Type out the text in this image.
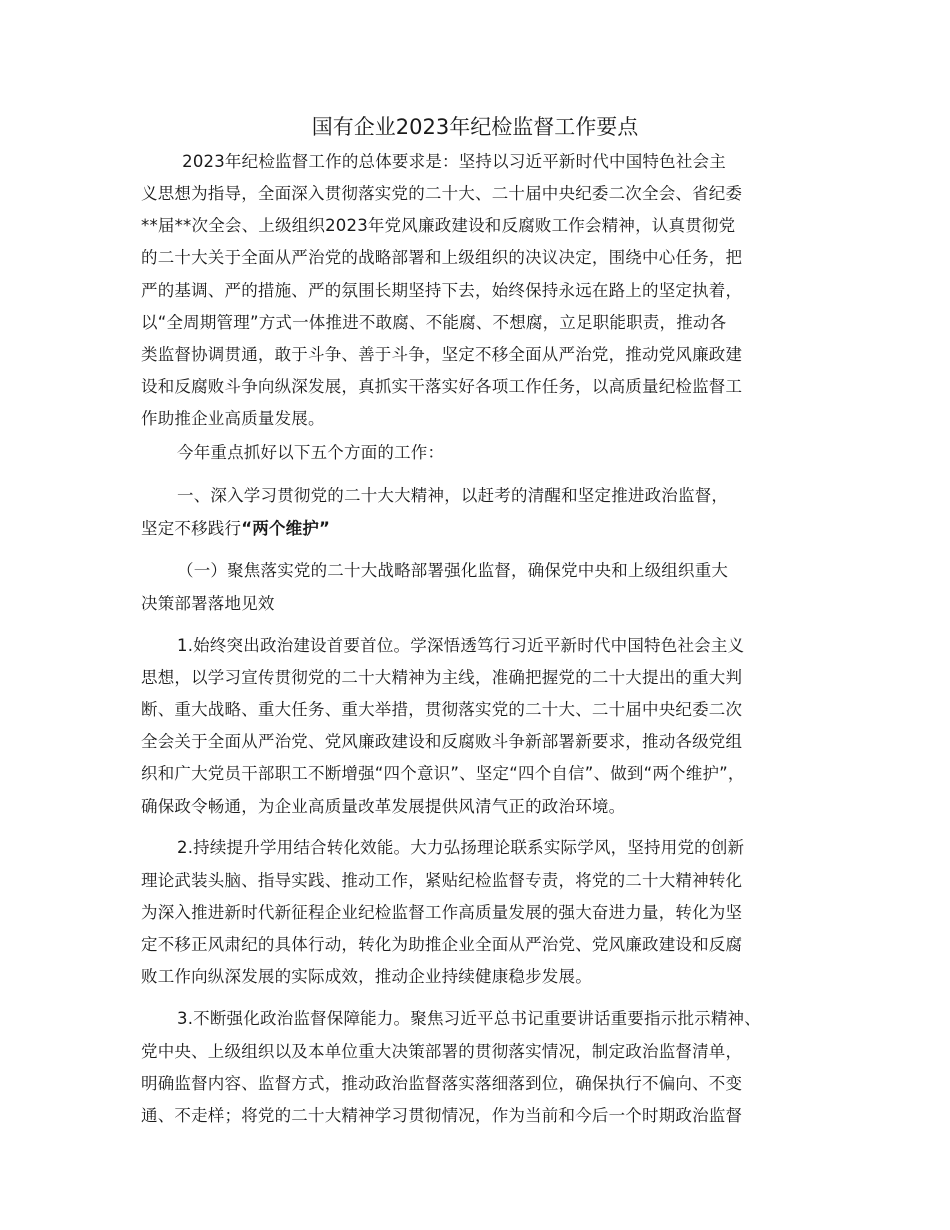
国有企业2023年纪检监督工作要点
　 2023年纪检监督工作的总体要求是：坚持以习近平新时代中国特色社会主
义思想为指导，全面深入贯彻落实党的二十大、二十届中央纪委二次全会、省纪委
**届**次全会、上级组织2023年党风廉政建设和反腐败工作会精神，认真贯彻党
的二十大关于全面从严治党的战略部署和上级组织的决议决定，围绕中心任务，把
严的基调、严的措施、严的氛围长期坚持下去，始终保持永远在路上的坚定执着，
以“全周期管理”方式一体推进不敢腐、不能腐、不想腐，立足职能职责，推动各
类监督协调贯通，敢于斗争、善于斗争，坚定不移全面从严治党，推动党风廉政建
设和反腐败斗争向纵深发展，真抓实干落实好各项工作任务，以高质量纪检监督工
作助推企业高质量发展。
今年重点抓好以下五个方面的工作：
一、深入学习贯彻党的二十大大精神，以赶考的清醒和坚定推进政治监督，
坚定不移践行“两个维护”
（一）聚焦落实党的二十大战略部署强化监督，确保党中央和上级组织重大
决策部署落地见效
1.始终突出政治建设首要首位。学深悟透笃行习近平新时代中国特色社会主义
思想，以学习宣传贯彻党的二十大精神为主线，准确把握党的二十大提出的重大判
断、重大战略、重大任务、重大举措，贯彻落实党的二十大、二十届中央纪委二次
全会关于全面从严治党、党风廉政建设和反腐败斗争新部署新要求，推动各级党组
织和广大党员干部职工不断增强“四个意识”、坚定“四个自信”、做到“两个维护”，
确保政令畅通，为企业高质量改革发展提供风清气正的政治环境。
2.持续提升学用结合转化效能。大力弘扬理论联系实际学风，坚持用党的创新
理论武装头脑、指导实践、推动工作，紧贴纪检监督专责，将党的二十大精神转化
为深入推进新时代新征程企业纪检监督工作高质量发展的强大奋进力量，转化为坚
定不移正风肃纪的具体行动，转化为助推企业全面从严治党、党风廉政建设和反腐
败工作向纵深发展的实际成效，推动企业持续健康稳步发展。
3.不断强化政治监督保障能力。聚焦习近平总书记重要讲话重要指示批示精神、
党中央、上级组织以及本单位重大决策部署的贯彻落实情况，制定政治监督清单，
明确监督内容、监督方式，推动政治监督落实落细落到位，确保执行不偏向、不变
通、不走样；将党的二十大精神学习贯彻情况，作为当前和今后一个时期政治监督
